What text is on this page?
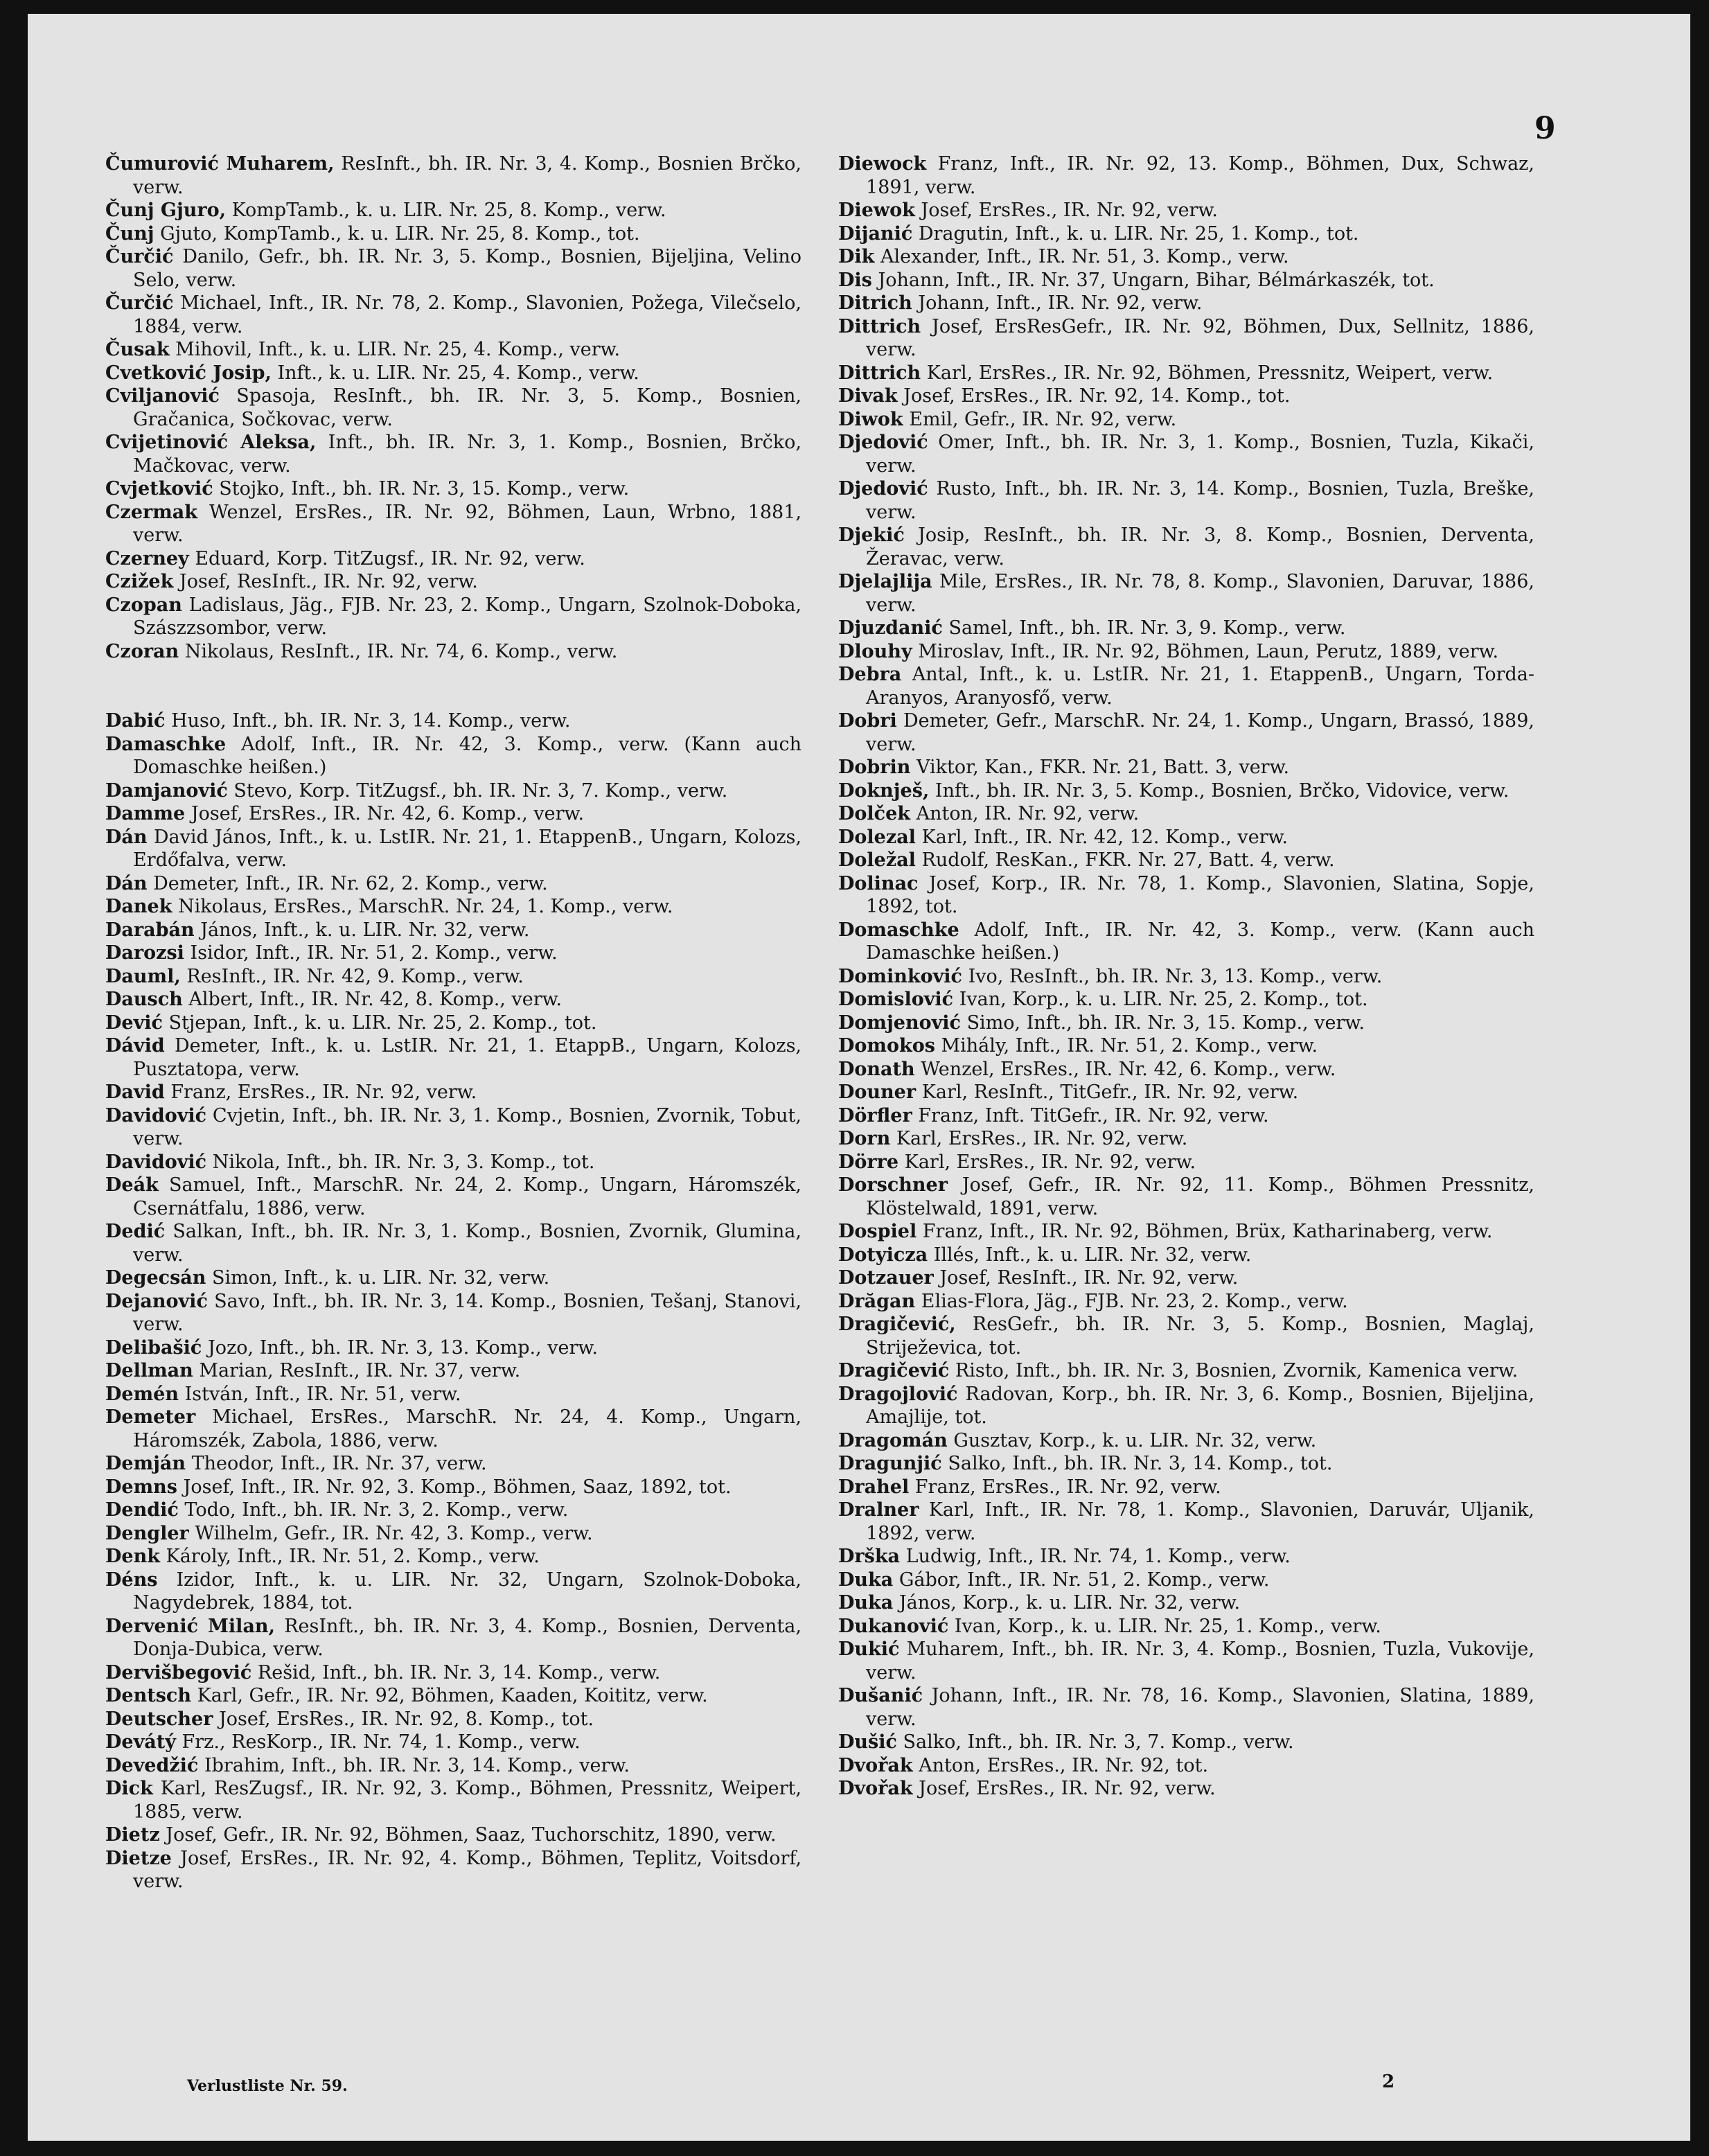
9

Čumurović Muharem, ResInft., bh. IR. Nr. 3, 4. Komp., Bosnien Brčko, verw.

Čunj Gjuro, KompTamb., k. u. LIR. Nr. 25, 8. Komp., verw.

Čunj Gjuto, KompTamb., k. u. LIR. Nr. 25, 8. Komp., tot.

Čurčić Danilo, Gefr., bh. IR. Nr. 3, 5. Komp., Bosnien, Bijeljina, Velino Selo, verw.

Čurčić Michael, Inft., IR. Nr. 78, 2. Komp., Slavonien, Požega, Vilečselo, 1884, verw.

Čusak Mihovil, Inft., k. u. LIR. Nr. 25, 4. Komp., verw.

Cvetković Josip, Inft., k. u. LIR. Nr. 25, 4. Komp., verw.

Cviljanović Spasoja, ResInft., bh. IR. Nr. 3, 5. Komp., Bosnien, Gračanica, Sočkovac, verw.

Cvijetinović Aleksa, Inft., bh. IR. Nr. 3, 1. Komp., Bosnien, Brčko, Mačkovac, verw.

Cvjetković Stojko, Inft., bh. IR. Nr. 3, 15. Komp., verw.

Czermak Wenzel, ErsRes., IR. Nr. 92, Böhmen, Laun, Wrbno, 1881, verw.

Czerney Eduard, Korp. TitZugsf., IR. Nr. 92, verw.

Czižek Josef, ResInft., IR. Nr. 92, verw.

Czopan Ladislaus, Jäg., FJB. Nr. 23, 2. Komp., Ungarn, Szolnok-Doboka, Szászzsombor, verw.

Czoran Nikolaus, ResInft., IR. Nr. 74, 6. Komp., verw.

Dabić Huso, Inft., bh. IR. Nr. 3, 14. Komp., verw.

Damaschke Adolf, Inft., IR. Nr. 42, 3. Komp., verw. (Kann auch Domaschke heißen.)

Damjanović Stevo, Korp. TitZugsf., bh. IR. Nr. 3, 7. Komp., verw.

Damme Josef, ErsRes., IR. Nr. 42, 6. Komp., verw.

Dán David János, Inft., k. u. LstIR. Nr. 21, 1. EtappenB., Ungarn, Kolozs, Erdőfalva, verw.

Dán Demeter, Inft., IR. Nr. 62, 2. Komp., verw.

Danek Nikolaus, ErsRes., MarschR. Nr. 24, 1. Komp., verw.

Darabán János, Inft., k. u. LIR. Nr. 32, verw.

Darozsi Isidor, Inft., IR. Nr. 51, 2. Komp., verw.

Dauml, ResInft., IR. Nr. 42, 9. Komp., verw.

Dausch Albert, Inft., IR. Nr. 42, 8. Komp., verw.

Dević Stjepan, Inft., k. u. LIR. Nr. 25, 2. Komp., tot.

Dávid Demeter, Inft., k. u. LstIR. Nr. 21, 1. EtappB., Ungarn, Kolozs, Pusztatopa, verw.

David Franz, ErsRes., IR. Nr. 92, verw.

Davidović Cvjetin, Inft., bh. IR. Nr. 3, 1. Komp., Bosnien, Zvornik, Tobut, verw.

Davidović Nikola, Inft., bh. IR. Nr. 3, 3. Komp., tot.

Deák Samuel, Inft., MarschR. Nr. 24, 2. Komp., Ungarn, Háromszék, Csernátfalu, 1886, verw.

Dedić Salkan, Inft., bh. IR. Nr. 3, 1. Komp., Bosnien, Zvornik, Glumina, verw.

Degecsán Simon, Inft., k. u. LIR. Nr. 32, verw.

Dejanović Savo, Inft., bh. IR. Nr. 3, 14. Komp., Bosnien, Tešanj, Stanovi, verw.

Delibašić Jozo, Inft., bh. IR. Nr. 3, 13. Komp., verw.

Dellman Marian, ResInft., IR. Nr. 37, verw.

Demén István, Inft., IR. Nr. 51, verw.

Demeter Michael, ErsRes., MarschR. Nr. 24, 4. Komp., Ungarn, Háromszék, Zabola, 1886, verw.

Demján Theodor, Inft., IR. Nr. 37, verw.

Demns Josef, Inft., IR. Nr. 92, 3. Komp., Böhmen, Saaz, 1892, tot.

Dendić Todo, Inft., bh. IR. Nr. 3, 2. Komp., verw.

Dengler Wilhelm, Gefr., IR. Nr. 42, 3. Komp., verw.

Denk Károly, Inft., IR. Nr. 51, 2. Komp., verw.

Déns Izidor, Inft., k. u. LIR. Nr. 32, Ungarn, Szolnok-Doboka, Nagydebrek, 1884, tot.

Dervenić Milan, ResInft., bh. IR. Nr. 3, 4. Komp., Bosnien, Derventa, Donja-Dubica, verw.

Dervišbegović Rešid, Inft., bh. IR. Nr. 3, 14. Komp., verw.

Dentsch Karl, Gefr., IR. Nr. 92, Böhmen, Kaaden, Koititz, verw.

Deutscher Josef, ErsRes., IR. Nr. 92, 8. Komp., tot.

Devátý Frz., ResKorp., IR. Nr. 74, 1. Komp., verw.

Devedžić Ibrahim, Inft., bh. IR. Nr. 3, 14. Komp., verw.

Dick Karl, ResZugsf., IR. Nr. 92, 3. Komp., Böhmen, Pressnitz, Weipert, 1885, verw.

Dietz Josef, Gefr., IR. Nr. 92, Böhmen, Saaz, Tuchorschitz, 1890, verw.

Dietze Josef, ErsRes., IR. Nr. 92, 4. Komp., Böhmen, Teplitz, Voitsdorf, verw.

Diewock Franz, Inft., IR. Nr. 92, 13. Komp., Böhmen, Dux, Schwaz, 1891, verw.

Diewok Josef, ErsRes., IR. Nr. 92, verw.

Dijanić Dragutin, Inft., k. u. LIR. Nr. 25, 1. Komp., tot.

Dik Alexander, Inft., IR. Nr. 51, 3. Komp., verw.

Dis Johann, Inft., IR. Nr. 37, Ungarn, Bihar, Bélmárkaszék, tot.

Ditrich Johann, Inft., IR. Nr. 92, verw.

Dittrich Josef, ErsResGefr., IR. Nr. 92, Böhmen, Dux, Sellnitz, 1886, verw.

Dittrich Karl, ErsRes., IR. Nr. 92, Böhmen, Pressnitz, Weipert, verw.

Divak Josef, ErsRes., IR. Nr. 92, 14. Komp., tot.

Diwok Emil, Gefr., IR. Nr. 92, verw.

Djedović Omer, Inft., bh. IR. Nr. 3, 1. Komp., Bosnien, Tuzla, Kikači, verw.

Djedović Rusto, Inft., bh. IR. Nr. 3, 14. Komp., Bosnien, Tuzla, Breške, verw.

Djekić Josip, ResInft., bh. IR. Nr. 3, 8. Komp., Bosnien, Derventa, Žeravac, verw.

Djelajlija Mile, ErsRes., IR. Nr. 78, 8. Komp., Slavonien, Daruvar, 1886, verw.

Djuzdanić Samel, Inft., bh. IR. Nr. 3, 9. Komp., verw.

Dlouhy Miroslav, Inft., IR. Nr. 92, Böhmen, Laun, Perutz, 1889, verw.

Debra Antal, Inft., k. u. LstIR. Nr. 21, 1. EtappenB., Ungarn, Torda-Aranyos, Aranyosfő, verw.

Dobri Demeter, Gefr., MarschR. Nr. 24, 1. Komp., Ungarn, Brassó, 1889, verw.

Dobrin Viktor, Kan., FKR. Nr. 21, Batt. 3, verw.

Doknješ, Inft., bh. IR. Nr. 3, 5. Komp., Bosnien, Brčko, Vidovice, verw.

Dolček Anton, IR. Nr. 92, verw.

Dolezal Karl, Inft., IR. Nr. 42, 12. Komp., verw.

Doležal Rudolf, ResKan., FKR. Nr. 27, Batt. 4, verw.

Dolinac Josef, Korp., IR. Nr. 78, 1. Komp., Slavonien, Slatina, Sopje, 1892, tot.

Domaschke Adolf, Inft., IR. Nr. 42, 3. Komp., verw. (Kann auch Damaschke heißen.)

Dominković Ivo, ResInft., bh. IR. Nr. 3, 13. Komp., verw.

Domislović Ivan, Korp., k. u. LIR. Nr. 25, 2. Komp., tot.

Domjenović Simo, Inft., bh. IR. Nr. 3, 15. Komp., verw.

Domokos Mihály, Inft., IR. Nr. 51, 2. Komp., verw.

Donath Wenzel, ErsRes., IR. Nr. 42, 6. Komp., verw.

Douner Karl, ResInft., TitGefr., IR. Nr. 92, verw.

Dörfler Franz, Inft. TitGefr., IR. Nr. 92, verw.

Dorn Karl, ErsRes., IR. Nr. 92, verw.

Dörre Karl, ErsRes., IR. Nr. 92, verw.

Dorschner Josef, Gefr., IR. Nr. 92, 11. Komp., Böhmen Pressnitz, Klöstelwald, 1891, verw.

Dospiel Franz, Inft., IR. Nr. 92, Böhmen, Brüx, Katharinaberg, verw.

Dotyicza Illés, Inft., k. u. LIR. Nr. 32, verw.

Dotzauer Josef, ResInft., IR. Nr. 92, verw.

Drăgan Elias-Flora, Jäg., FJB. Nr. 23, 2. Komp., verw.

Dragičević, ResGefr., bh. IR. Nr. 3, 5. Komp., Bosnien, Maglaj, Striježevica, tot.

Dragičević Risto, Inft., bh. IR. Nr. 3, Bosnien, Zvornik, Kamenica verw.

Dragojlović Radovan, Korp., bh. IR. Nr. 3, 6. Komp., Bosnien, Bijeljina, Amajlije, tot.

Dragomán Gusztav, Korp., k. u. LIR. Nr. 32, verw.

Dragunjić Salko, Inft., bh. IR. Nr. 3, 14. Komp., tot.

Drahel Franz, ErsRes., IR. Nr. 92, verw.

Dralner Karl, Inft., IR. Nr. 78, 1. Komp., Slavonien, Daruvár, Uljanik, 1892, verw.

Drška Ludwig, Inft., IR. Nr. 74, 1. Komp., verw.

Duka Gábor, Inft., IR. Nr. 51, 2. Komp., verw.

Duka János, Korp., k. u. LIR. Nr. 32, verw.

Dukanović Ivan, Korp., k. u. LIR. Nr. 25, 1. Komp., verw.

Dukić Muharem, Inft., bh. IR. Nr. 3, 4. Komp., Bosnien, Tuzla, Vukovije, verw.

Dušanić Johann, Inft., IR. Nr. 78, 16. Komp., Slavonien, Slatina, 1889, verw.

Dušić Salko, Inft., bh. IR. Nr. 3, 7. Komp., verw.

Dvořak Anton, ErsRes., IR. Nr. 92, tot.

Dvořak Josef, ErsRes., IR. Nr. 92, verw.

Verlustliste Nr. 59.	2
